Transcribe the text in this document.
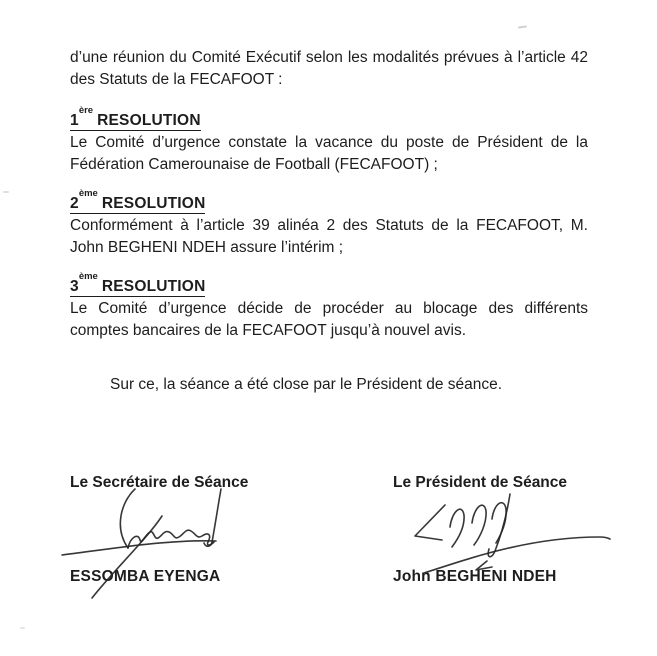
d’une réunion du Comité Exécutif selon les modalités prévues à l’article 42 des Statuts de la FECAFOOT :

1èreRESOLUTION

Le Comité d’urgence constate la vacance du poste de Président de la Fédération Camerounaise de Football (FECAFOOT) ;

2èmeRESOLUTION

Conformément à l’article 39 alinéa 2 des Statuts de la FECAFOOT, M. John BEGHENI NDEH assure l’intérim ;

3èmeRESOLUTION

Le Comité d’urgence décide de procéder au blocage des différents comptes bancaires de la FECAFOOT jusqu’à nouvel avis.

Sur ce, la séance a été close par le Président de séance.

Le Secrétaire de Séance
ESSOMBA EYENGA
Le Président de Séance
John BEGHENI NDEH
